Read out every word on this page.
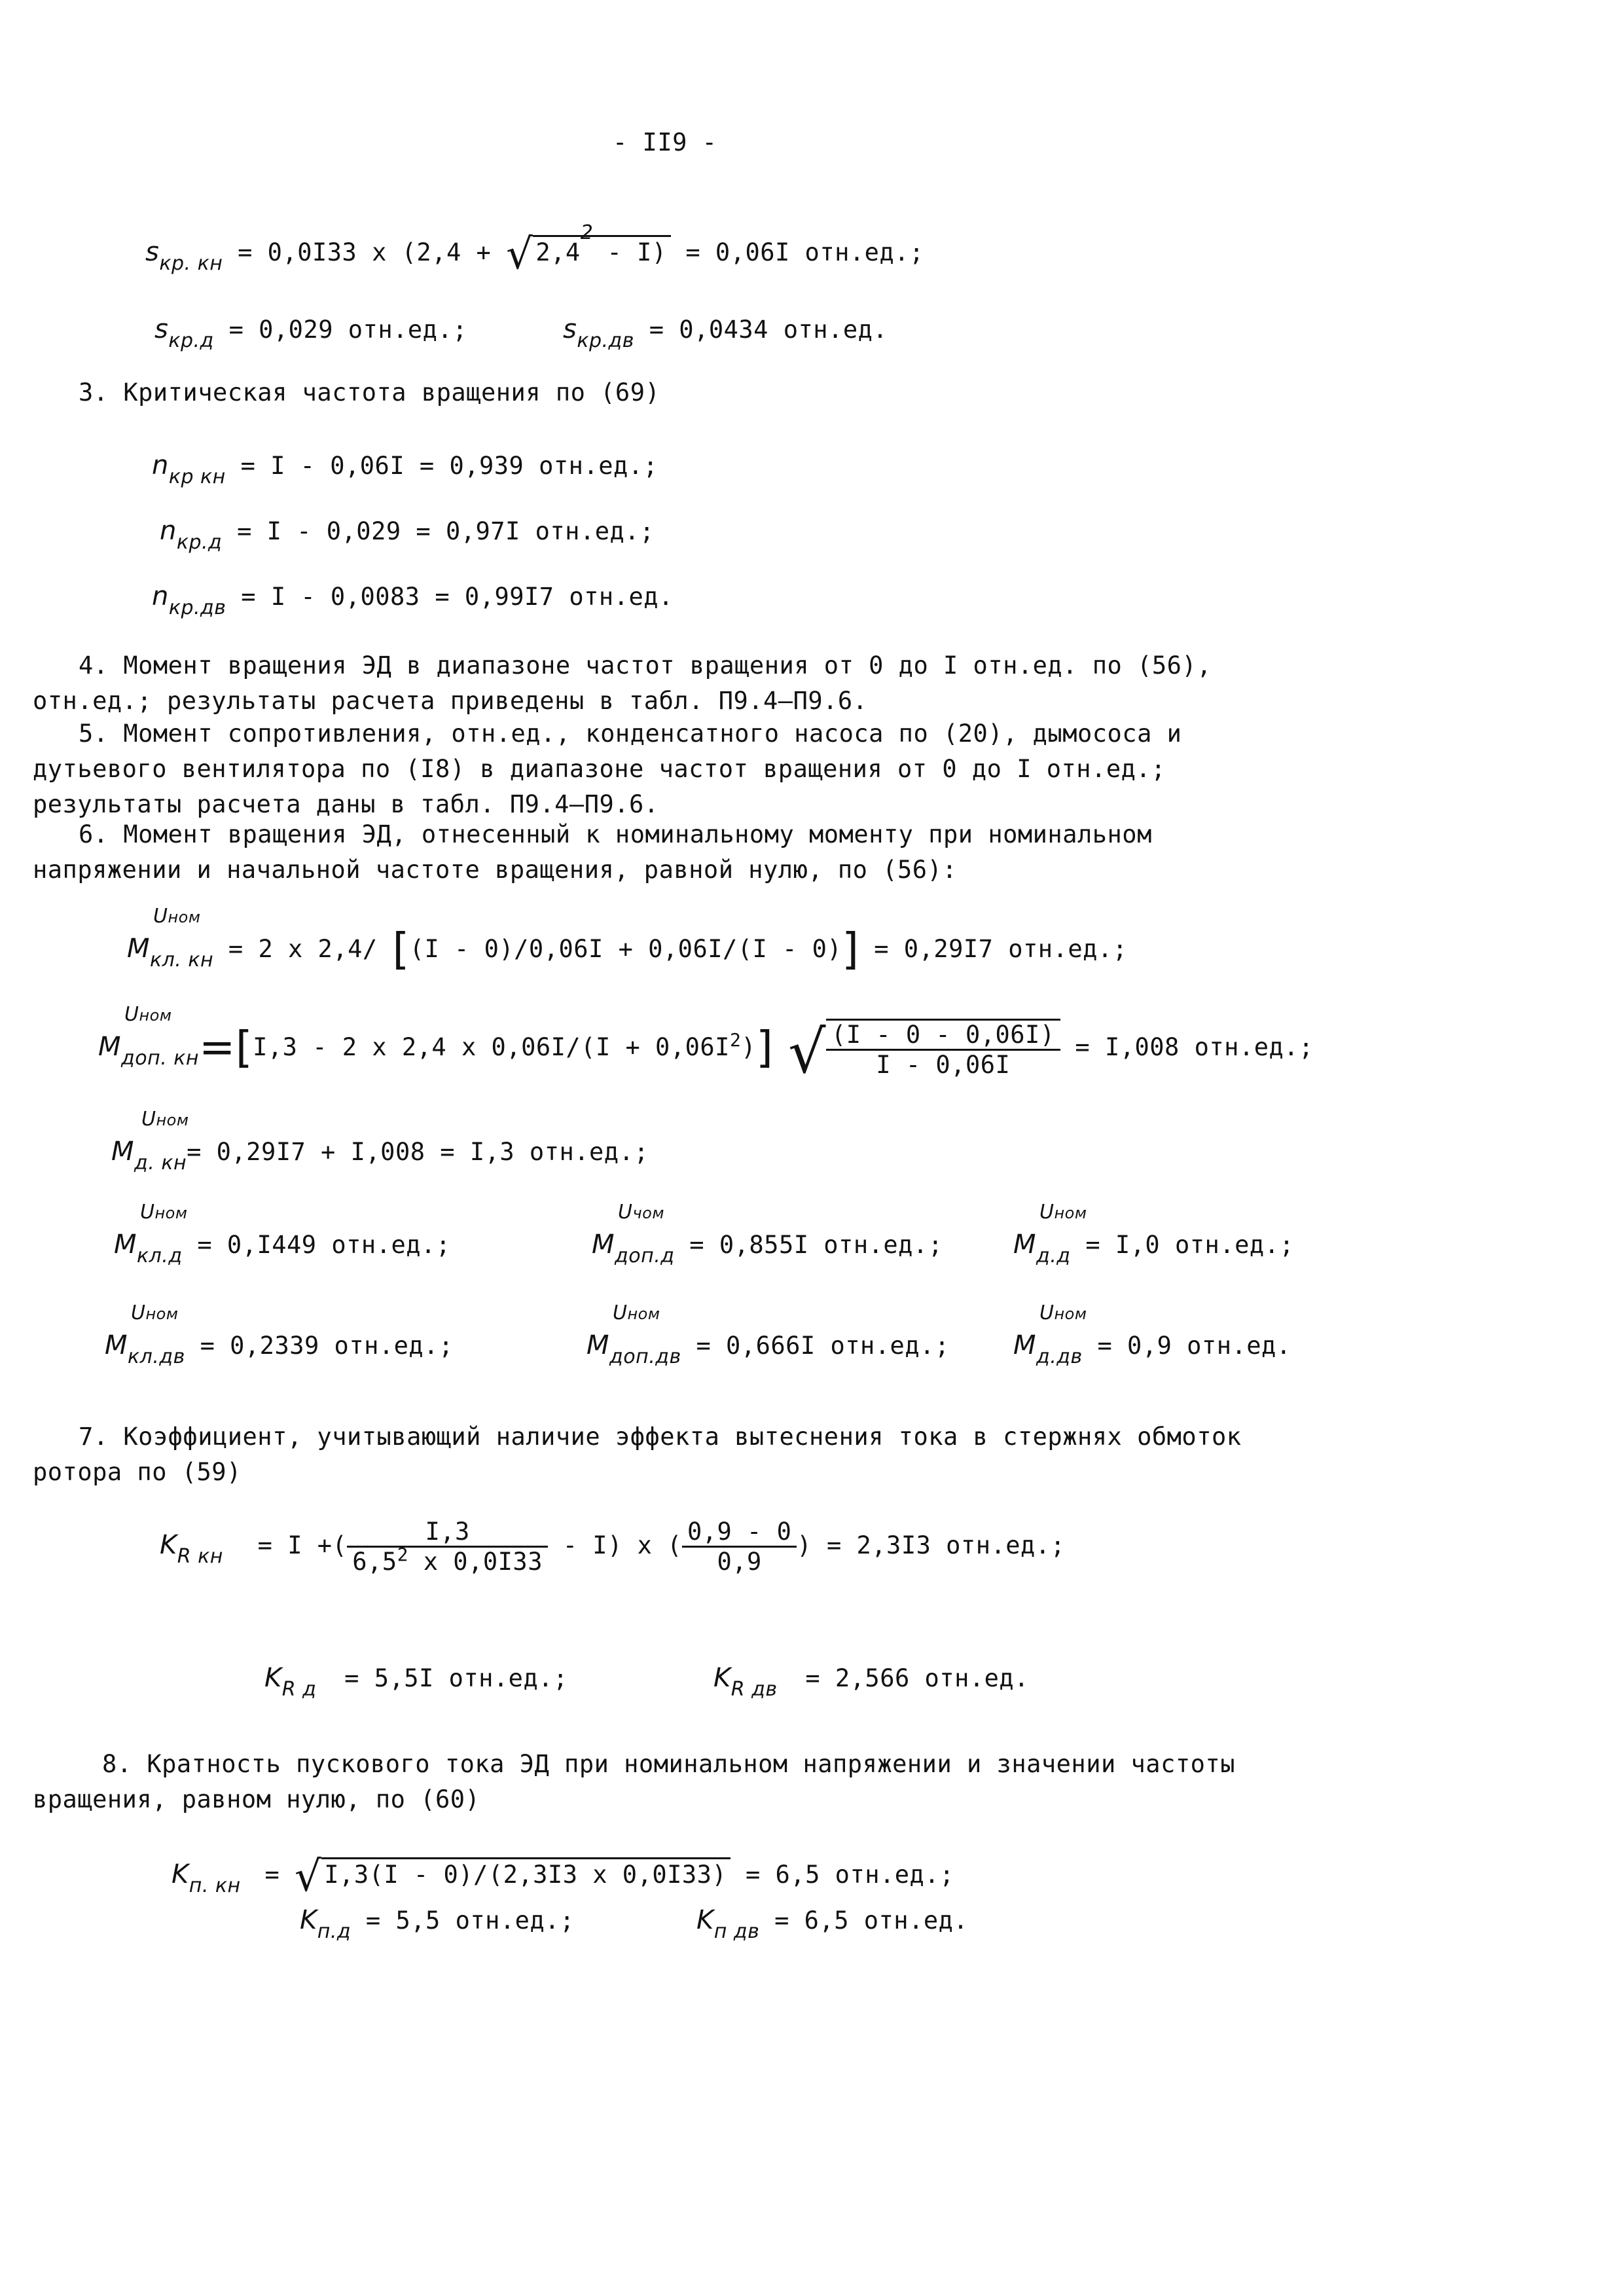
- II9 -
$s_{кр. кн} = 0,0I33$ x (2,4 + √ 2,4
2
- I) = 0,06I отн.ед.;
$s_{кр.д} = 0,029$ отн.ед.;	$s_{кр.дв} = 0,0434$ отн.ед.
3. Критическая частота вращения по (69)
$n_{кр кн} = I - 0,06I = 0,939$ отн.ед.;
$n_{кр.д} = I - 0,029 = 0,97I$ отн.ед.;
$n_{кр.дв} = I - 0,0083 = 0,99I7$ отн.ед.
4. Момент вращения ЭД в диапазоне частот вращения от 0 до I отн.ед. по (56), отн.ед.; результаты расчета приведены в табл. П9.4–П9.6.
5. Момент сопротивления, отн.ед., конденсатного насоса по (20), дымососа и дутьевого вентилятора по (I8) в диапазоне частот вращения от 0 до I отн.ед.; результаты расчета даны в табл. П9.4–П9.6.
6. Момент вращения ЭД, отнесенный к номинальному моменту при номинальном напряжении и начальной частоте вращения, равной нулю, по (56):
Uном
$M_{кл. кн} = 2$ x 2,4/ [(I - 0)/0,06I + 0,06I/(I - 0)] = 0,29I7 отн.ед.;
Uном
$M_{доп. кн}=[I,3 - 2$ x 2,4 x $0,06I/(I + 0,06I^2)$] √ $\frac{(I - 0 - 0,06I)}{I - 0,06I} = I,008$ отн.ед.;
Uном
$M_{д. кн}= 0,29I7 + I,008 = I,3$ отн.ед.;
Uном
$M_{кл.д} = 0,I449$ отн.ед.;
Uчом
$M_{доп.д} = 0,855I$ отн.ед.;
Uном
$M_{д.д} = I,0$ отн.ед.;
Uном
$M_{кл.дв} = 0,2339$ отн.ед.;
Uном
$M_{доп.дв} = 0,666I$ отн.ед.;
Uном
$M_{д.дв} = 0,9$ отн.ед.
7. Коэффициент, учитывающий наличие эффекта вытеснения тока в стержнях обмоток ротора по (59)
$K_{R кн} = I$ +( $\frac{I,3}{6,5^2 x 0,0I33} - I$) x ( $\frac{0,9 - 0}{0,9}$ ) = 2,3I3 отн.ед.;
$K_{R д} = 5,5I$ отн.ед.;	$K_{R дв} = 2,566$ отн.ед.
8. Кратность пускового тока ЭД при номинальном напряжении и значении частоты вращения, равном нулю, по (60)
$K_{п. кн}$ = √ I,3(I - 0)/(2,3I3 x 0,0I33) = 6,5 отн.ед.;
$K_{п.д} = 5,5$ отн.ед.;	$K_{п дв} = 6,5$ отн.ед.
